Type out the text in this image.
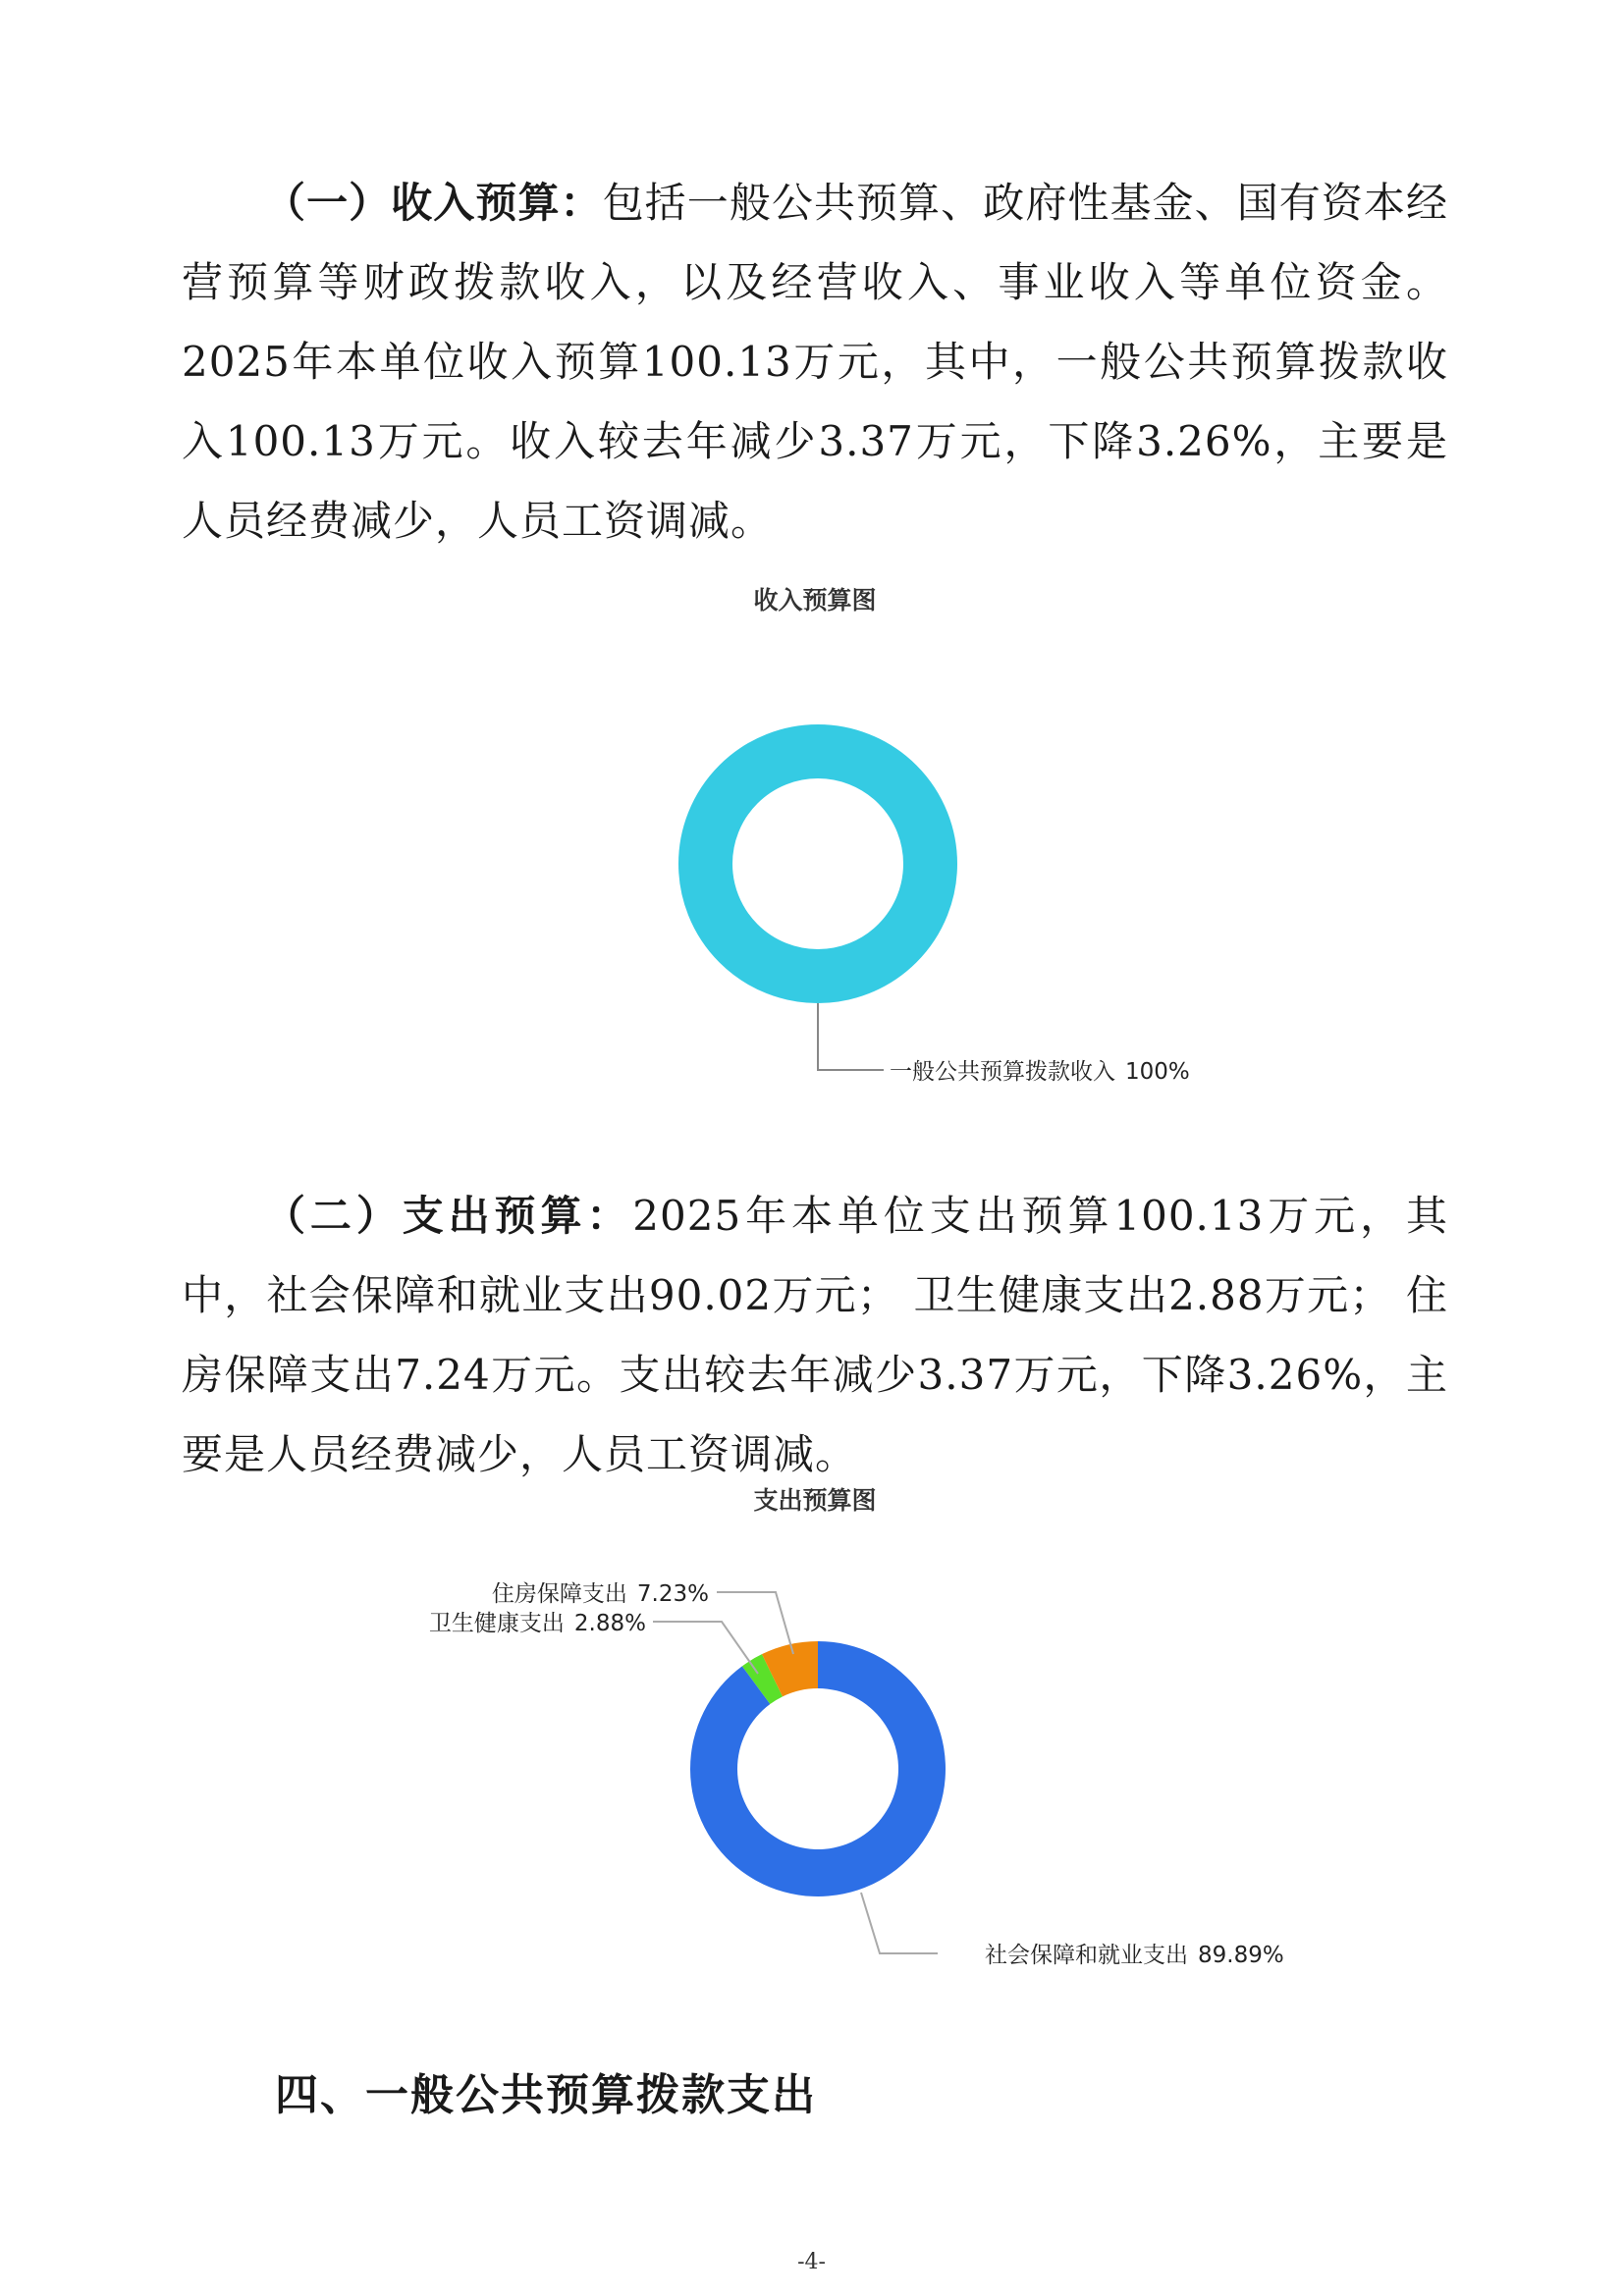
（一）收入预算：包括一般公共预算、政府性基金、国有资本经营预算等财政拨款收入，以及经营收入、事业收入等单位资金。2025年本单位收入预算100.13万元，其中，一般公共预算拨款收入100.13万元。收入较去年减少3.37万元，下降3.26%，主要是人员经费减少，人员工资调减。

收入预算图
一般公共预算拨款收入 100%

（二）支出预算：2025年本单位支出预算100.13万元，其中，社会保障和就业支出90.02万元； 卫生健康支出2.88万元； 住房保障支出7.24万元。支出较去年减少3.37万元，下降3.26%，主要是人员经费减少，人员工资调减。

支出预算图
住房保障支出 7.23%
卫生健康支出 2.88%
社会保障和就业支出 89.89%
四、一般公共预算拨款支出
-4-
